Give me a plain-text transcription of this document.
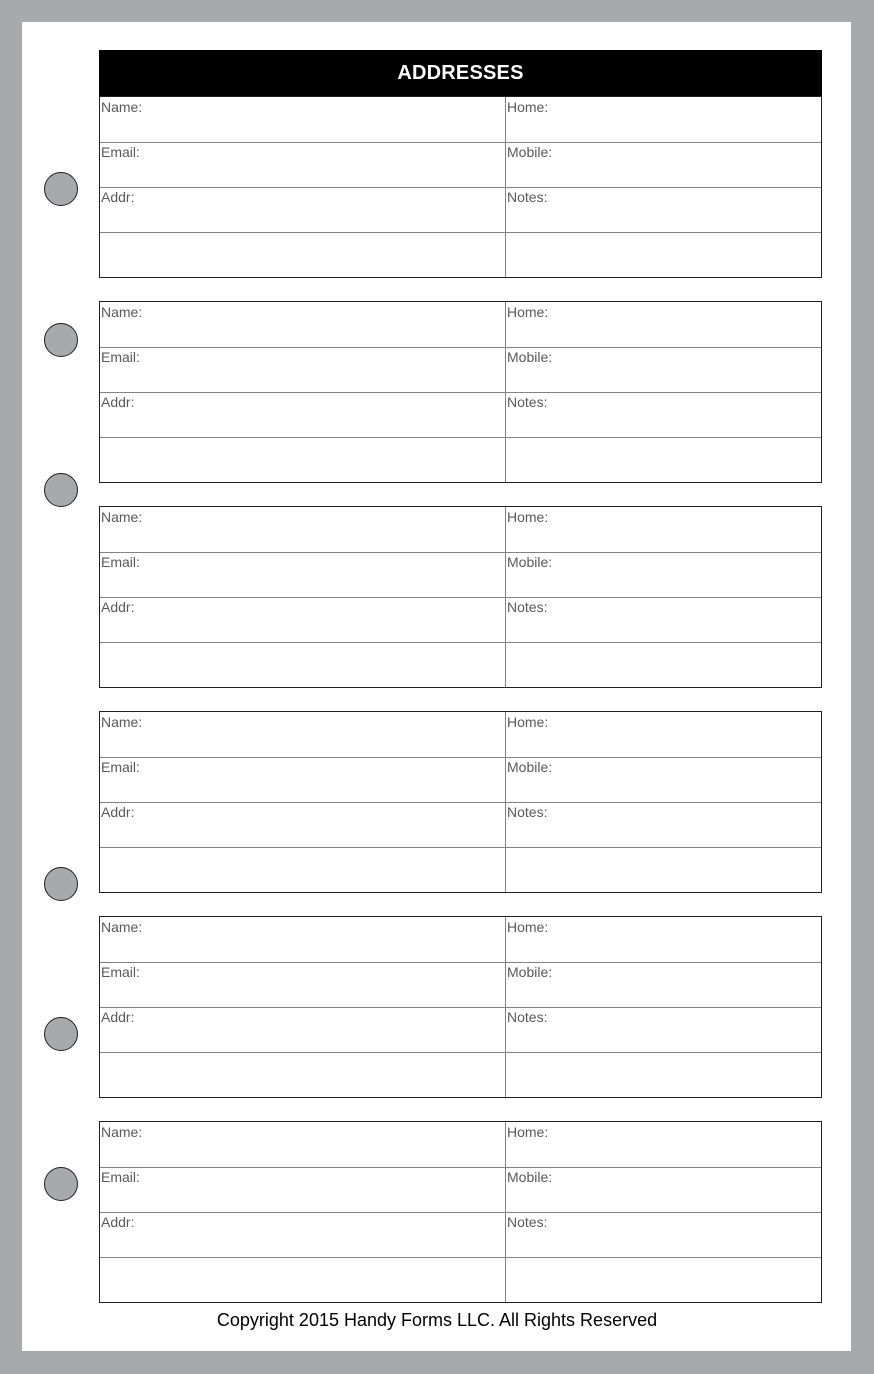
ADDRESSES
Copyright 2015 Handy Forms LLC. All Rights Reserved
Name:	Home:
Email:	Mobile:
Addr:	Notes:
Name:	Home:
Email:	Mobile:
Addr:	Notes:
Name:	Home:
Email:	Mobile:
Addr:	Notes:
Name:	Home:
Email:	Mobile:
Addr:	Notes:
Name:	Home:
Email:	Mobile:
Addr:	Notes:
Name:	Home:
Email:	Mobile:
Addr:	Notes:
